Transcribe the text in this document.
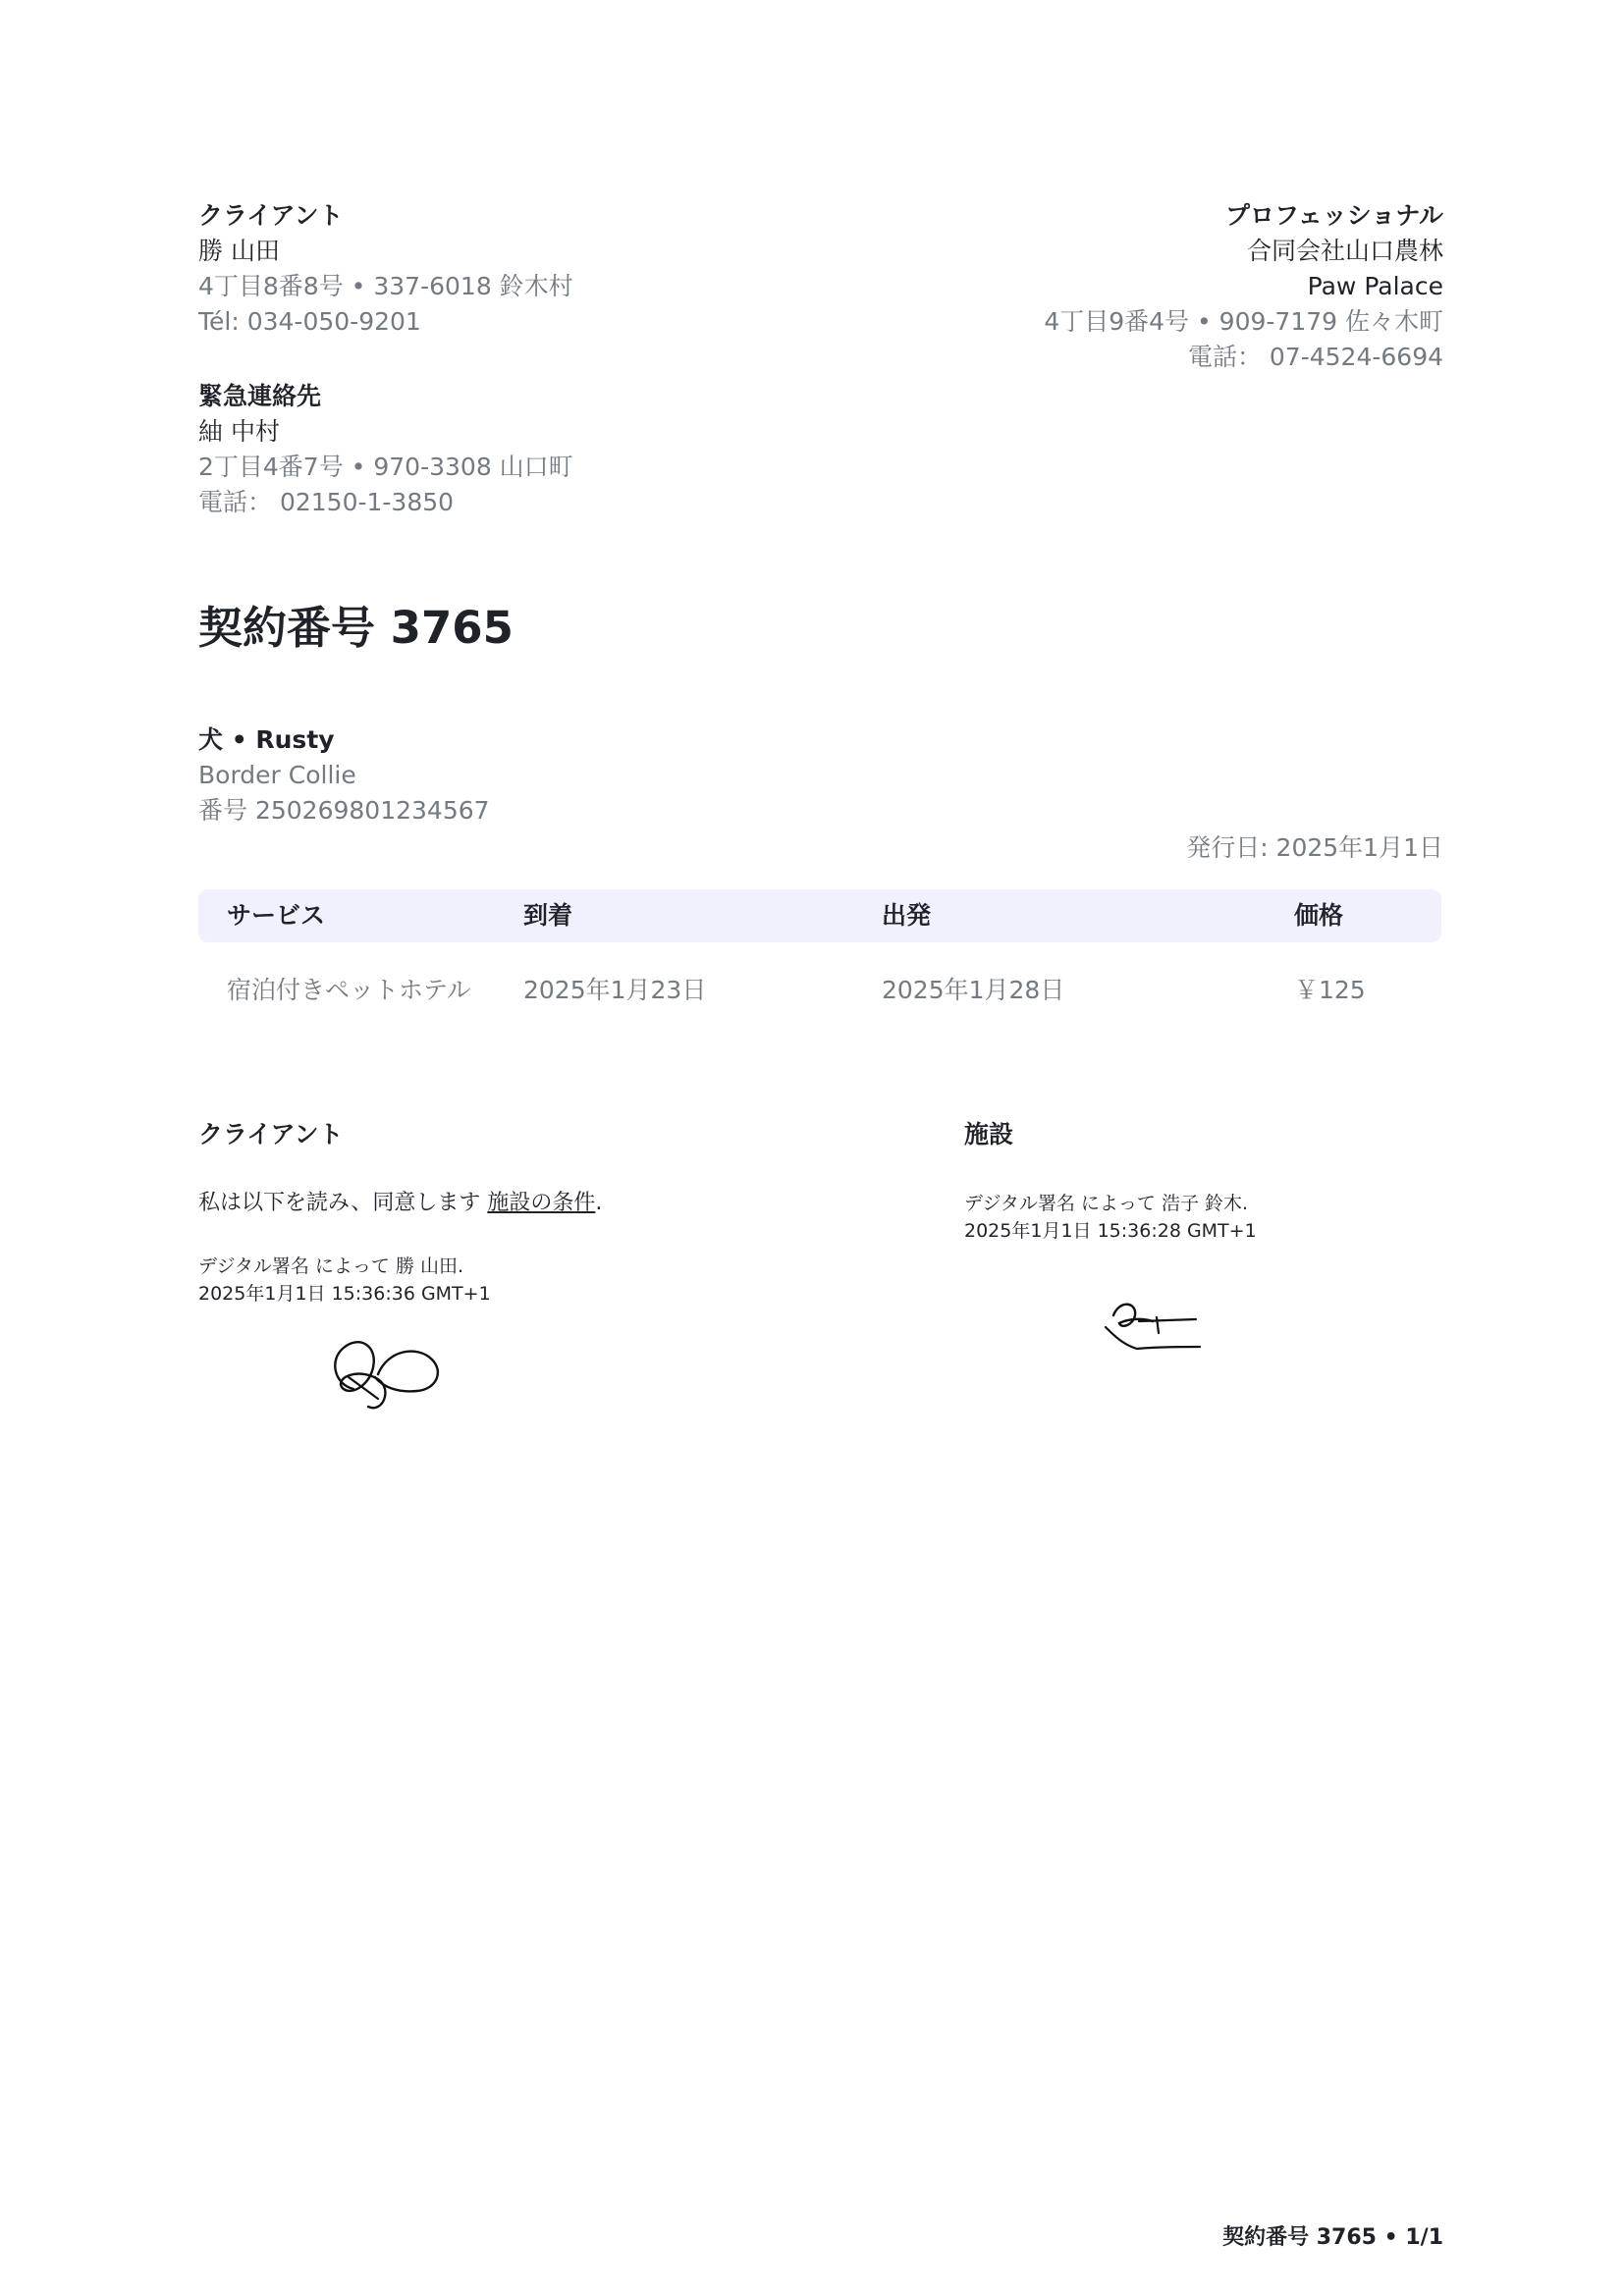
クライアント
勝 山田
4丁目8番8号 • 337-6018 鈴木村
Tél: 034-050-9201
緊急連絡先
紬 中村
2丁目4番7号 • 970-3308 山口町
電話： 02150-1-3850
プロフェッショナル
合同会社山口農林
Paw Palace
4丁目9番4号 • 909-7179 佐々木町
電話： 07-4524-6694
契約番号 3765
犬 • Rusty
Border Collie
番号 250269801234567
発行日: 2025年1月1日
サービス	到着	出発	価格
宿泊付きペットホテル 2025年1月23日	2025年1月28日	￥125
クライアント
私は以下を読み、同意します 施設の条件.
デジタル署名 によって 勝 山田.
2025年1月1日 15:36:36 GMT+1
施設
デジタル署名 によって 浩子 鈴木.
2025年1月1日 15:36:28 GMT+1
契約番号 3765 • 1/1
